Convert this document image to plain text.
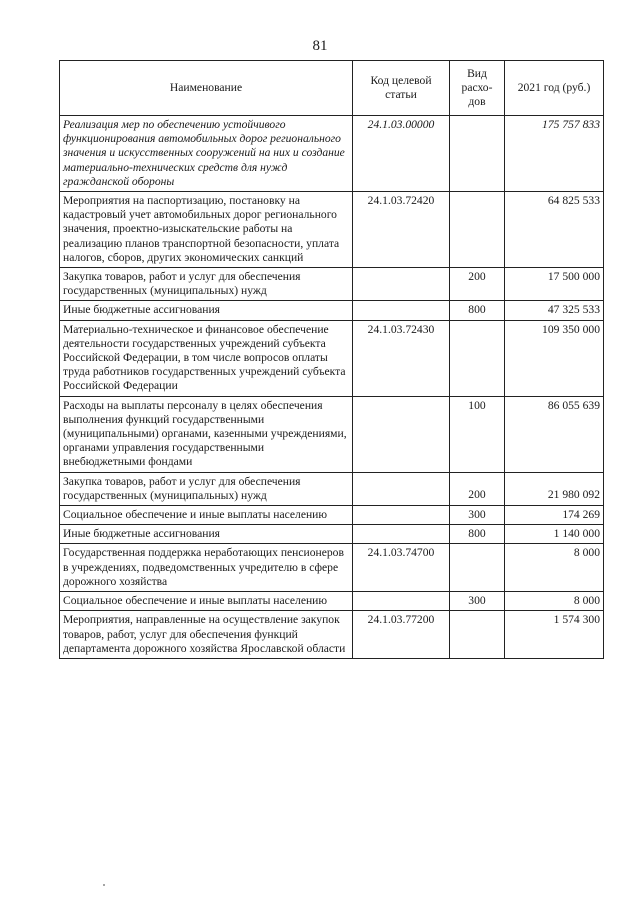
81
Наименование	Код целевой статьи	Вид расхо-дов	2021 год (руб.)
Реализация мер по обеспечению устойчивого функционирования автомобильных дорог регионального значения и искусственных сооружений на них и создание материально-технических средств для нужд гражданской обороны	24.1.03.00000		175 757 833
Мероприятия на паспортизацию, постановку на кадастровый учет автомобильных дорог регионального значения, проектно-изыскательские работы на реализацию планов транспортной безопасности, уплата налогов, сборов, других экономических санкций	24.1.03.72420		64 825 533
Закупка товаров, работ и услуг для обеспечения государственных (муниципальных) нужд		200	17 500 000
Иные бюджетные ассигнования		800	47 325 533
Материально-техническое и финансовое обеспечение деятельности государственных учреждений субъекта Российской Федерации, в том числе вопросов оплаты труда работников государственных учреждений субъекта Российской Федерации	24.1.03.72430		109 350 000
Расходы на выплаты персоналу в целях обеспечения выполнения функций государственными (муниципальными) органами, казенными учреждениями, органами управления государственными внебюджетными фондами		100	86 055 639
Закупка товаров, работ и услуг для обеспечения государственных (муниципальных) нужд		200	21 980 092
Социальное обеспечение и иные выплаты населению		300	174 269
Иные бюджетные ассигнования		800	1 140 000
Государственная поддержка неработающих пенсионеров в учреждениях, подведомственных учредителю в сфере дорожного хозяйства	24.1.03.74700		8 000
Социальное обеспечение и иные выплаты населению		300	8 000
Мероприятия, направленные на осуществление закупок товаров, работ, услуг для обеспечения функций департамента дорожного хозяйства Ярославской области	24.1.03.77200		1 574 300
